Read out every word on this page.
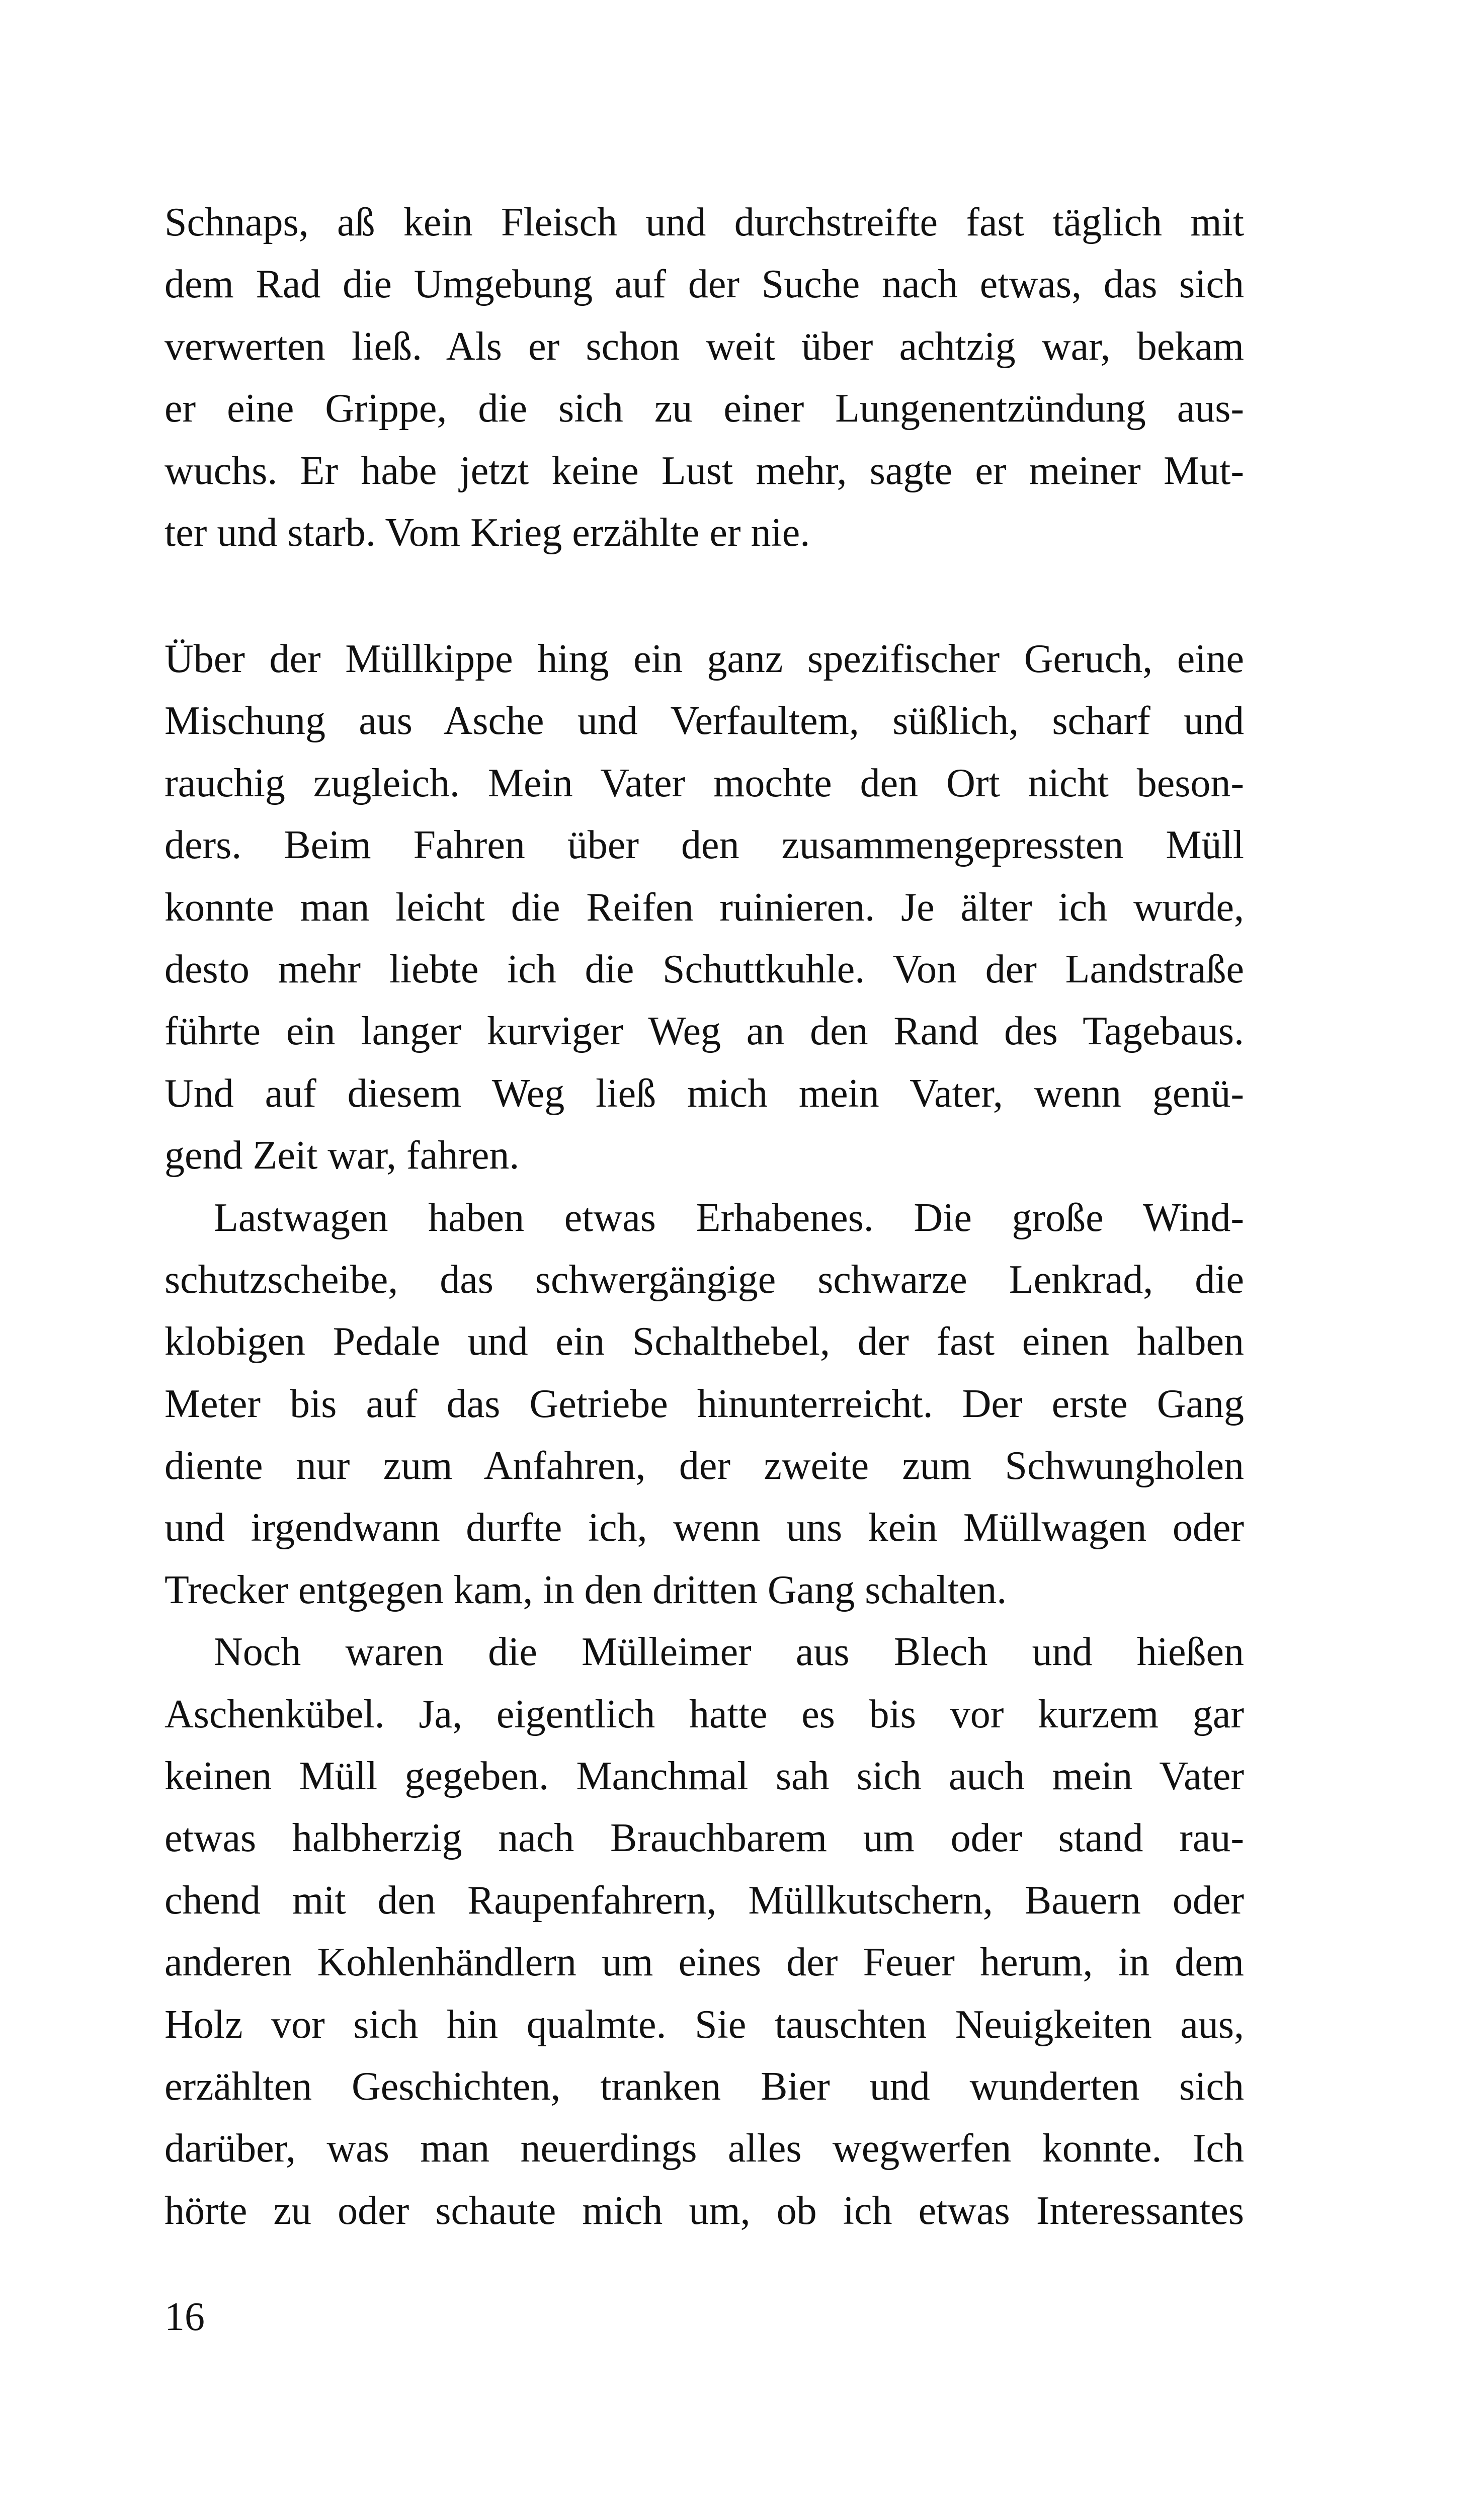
Schnaps, aß kein Fleisch und durchstreifte fast täglich mit
dem Rad die Umgebung auf der Suche nach etwas, das sich
verwerten ließ. Als er schon weit über achtzig war, bekam
er eine Grippe, die sich zu einer Lungenentzündung aus-
wuchs. Er habe jetzt keine Lust mehr, sagte er meiner Mut-
ter und starb. Vom Krieg erzählte er nie.
Über der Müllkippe hing ein ganz spezifischer Geruch, eine
Mischung aus Asche und Verfaultem, süßlich, scharf und
rauchig zugleich. Mein Vater mochte den Ort nicht beson-
ders. Beim Fahren über den zusammengepressten Müll
konnte man leicht die Reifen ruinieren. Je älter ich wurde,
desto mehr liebte ich die Schuttkuhle. Von der Landstraße
führte ein langer kurviger Weg an den Rand des Tagebaus.
Und auf diesem Weg ließ mich mein Vater, wenn genü-
gend Zeit war, fahren.
Lastwagen haben etwas Erhabenes. Die große Wind-
schutzscheibe, das schwergängige schwarze Lenkrad, die
klobigen Pedale und ein Schalthebel, der fast einen halben
Meter bis auf das Getriebe hinunterreicht. Der erste Gang
diente nur zum Anfahren, der zweite zum Schwungholen
und irgendwann durfte ich, wenn uns kein Müllwagen oder
Trecker entgegen kam, in den dritten Gang schalten.
Noch waren die Mülleimer aus Blech und hießen
Aschenkübel. Ja, eigentlich hatte es bis vor kurzem gar
keinen Müll gegeben. Manchmal sah sich auch mein Vater
etwas halbherzig nach Brauchbarem um oder stand rau-
chend mit den Raupenfahrern, Müllkutschern, Bauern oder
anderen Kohlenhändlern um eines der Feuer herum, in dem
Holz vor sich hin qualmte. Sie tauschten Neuigkeiten aus,
erzählten Geschichten, tranken Bier und wunderten sich
darüber, was man neuerdings alles wegwerfen konnte. Ich
hörte zu oder schaute mich um, ob ich etwas Interessantes
16
